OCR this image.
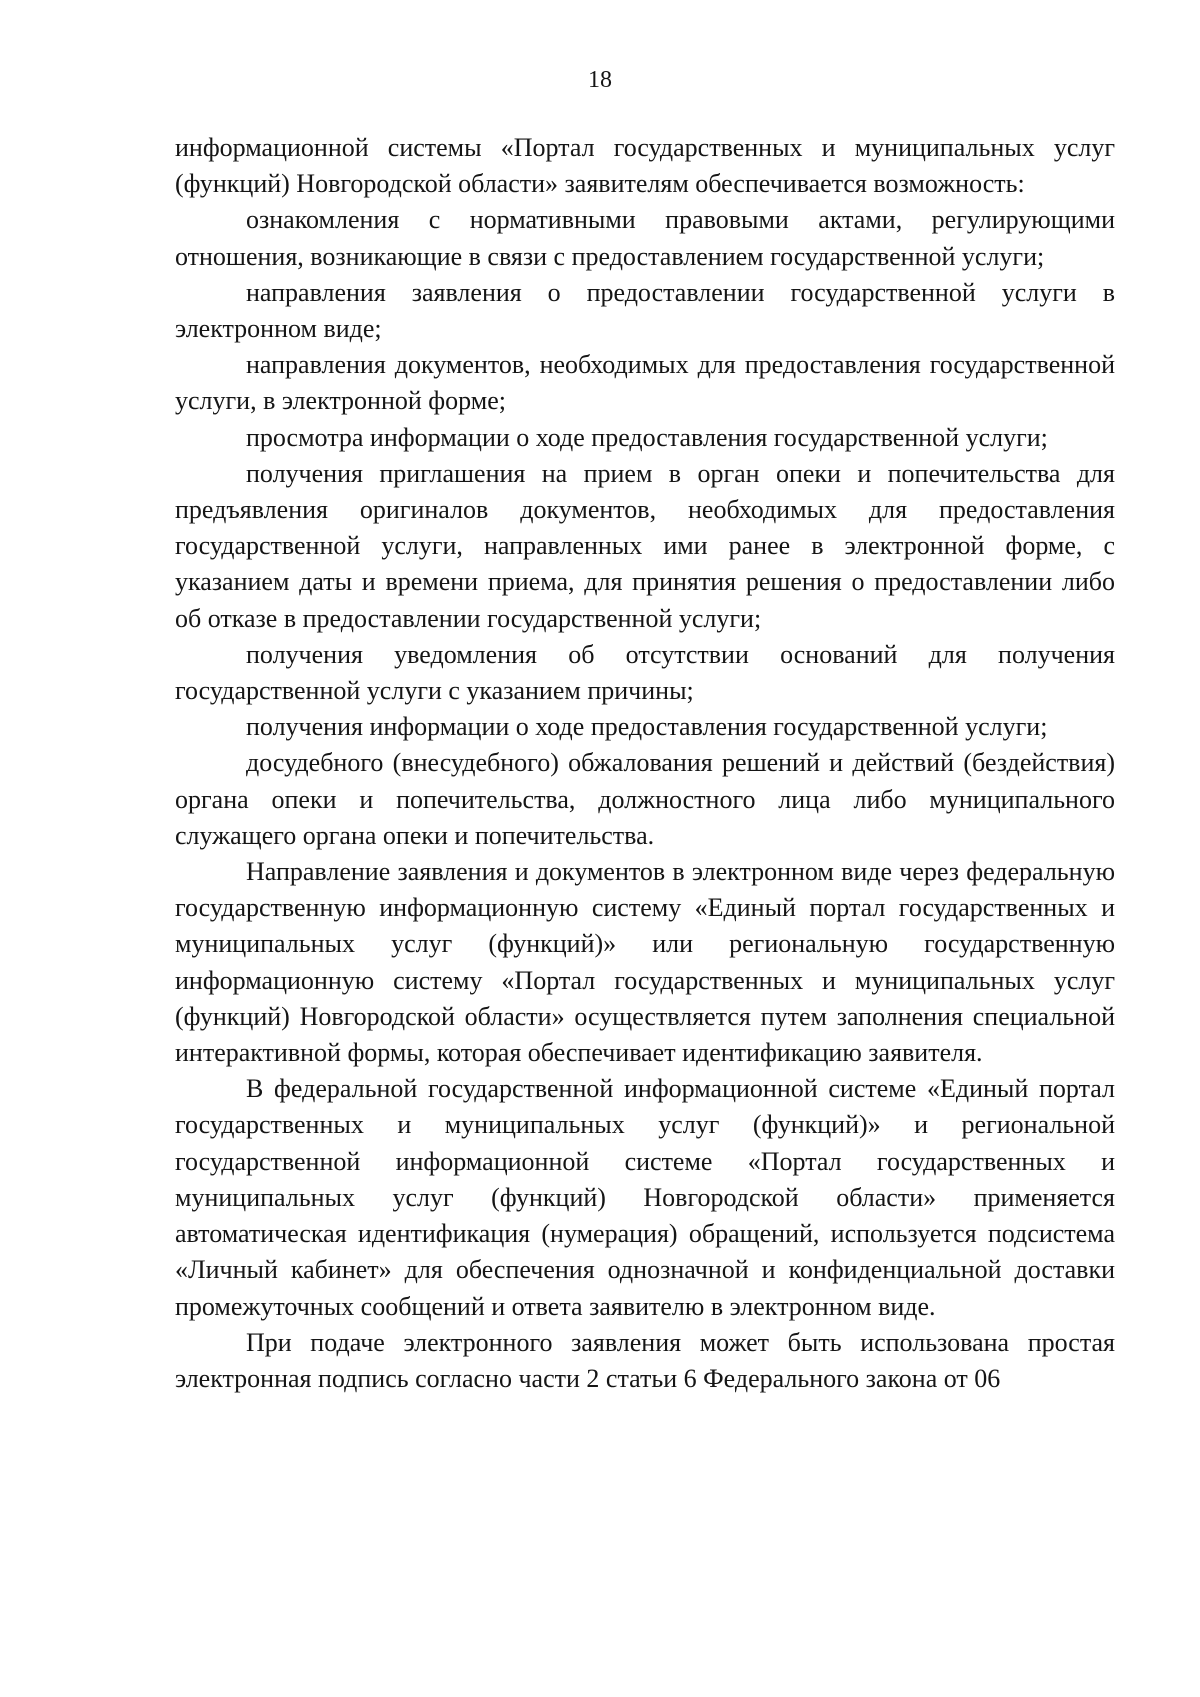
18

информационной системы «Портал государственных и муниципальных услуг (функций) Новгородской области» заявителям обеспечивается возможность:

ознакомления с нормативными правовыми актами, регулирующими отношения, возникающие в связи с предоставлением государственной услуги;

направления заявления о предоставлении государственной услуги в электронном виде;

направления документов, необходимых для предоставления государственной услуги, в электронной форме;

просмотра информации о ходе предоставления государственной услуги;

получения приглашения на прием в орган опеки и попечительства для предъявления оригиналов документов, необходимых для предоставления государственной услуги, направленных ими ранее в электронной форме, с указанием даты и времени приема, для принятия решения о предоставлении либо об отказе в предоставлении государственной услуги;

получения уведомления об отсутствии оснований для получения государственной услуги с указанием причины;

получения информации о ходе предоставления государственной услуги;

досудебного (внесудебного) обжалования решений и действий (бездействия) органа опеки и попечительства, должностного лица либо муниципального служащего органа опеки и попечительства.

Направление заявления и документов в электронном виде через федеральную государственную информационную систему «Единый портал государственных и муниципальных услуг (функций)» или региональную государственную информационную систему «Портал государственных и муниципальных услуг (функций) Новгородской области» осуществляется путем заполнения специальной интерактивной формы, которая обеспечивает идентификацию заявителя.

В федеральной государственной информационной системе «Единый портал государственных и муниципальных услуг (функций)» и региональной государственной информационной системе «Портал государственных и муниципальных услуг (функций) Новгородской области» применяется автоматическая идентификация (нумерация) обращений, используется подсистема «Личный кабинет» для обеспечения однозначной и конфиденциальной доставки промежуточных сообщений и ответа заявителю в электронном виде.

При подаче электронного заявления может быть использована простая электронная подпись согласно части 2 статьи 6 Федерального закона от 06
